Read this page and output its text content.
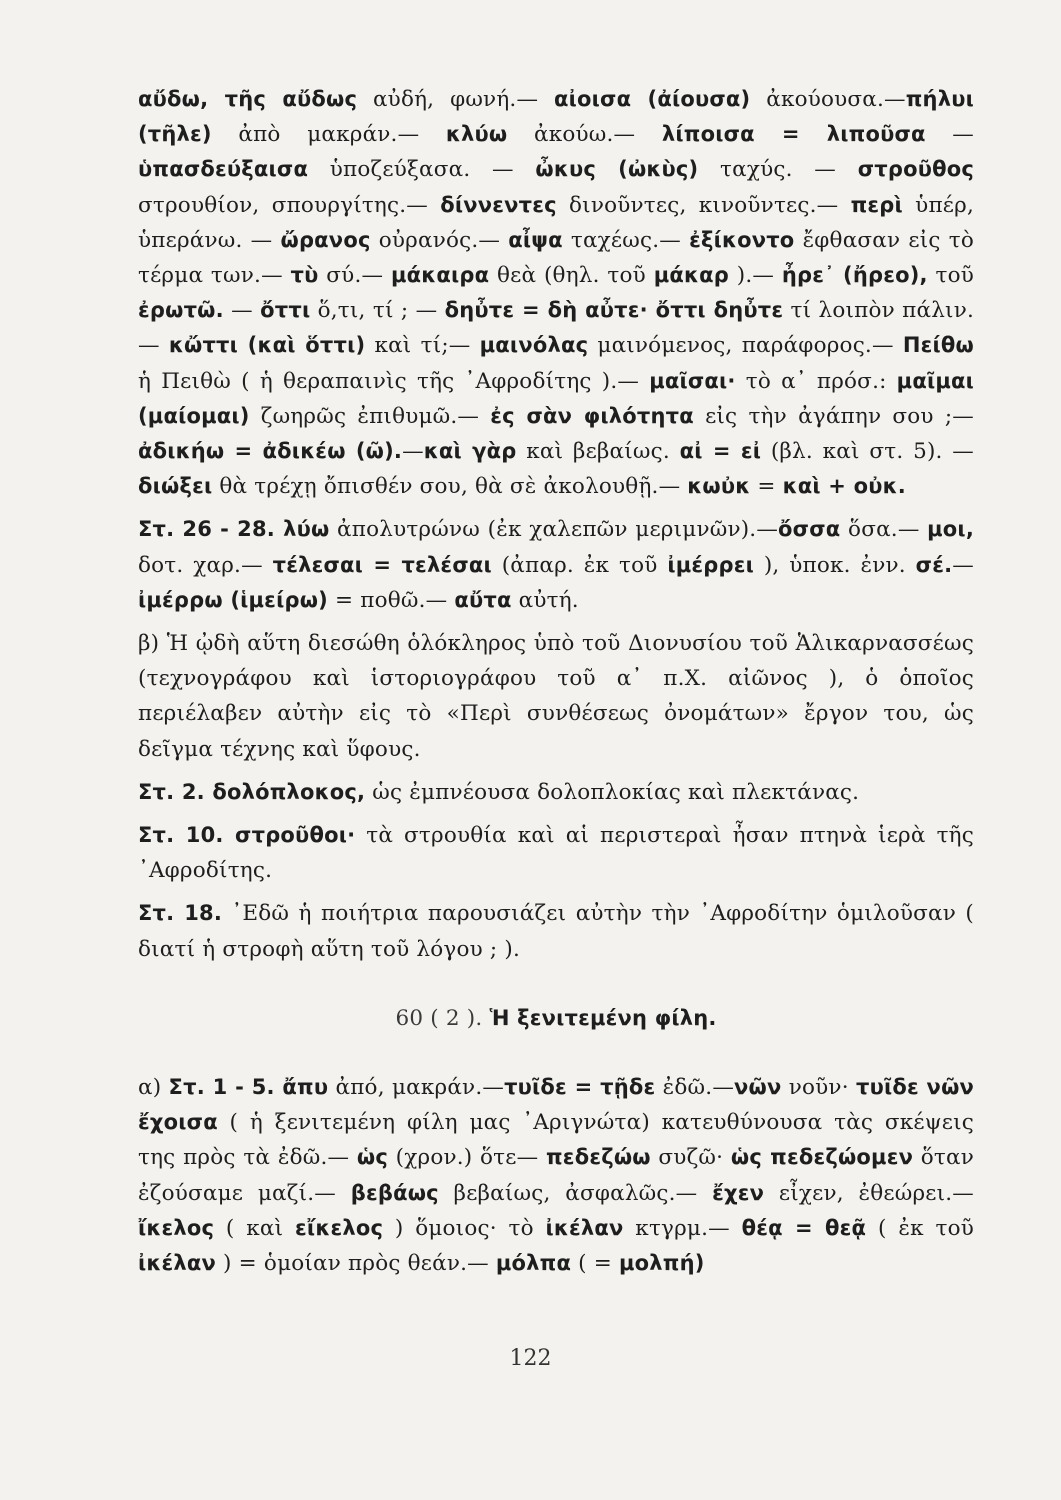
αὔδω, τῆς αὔδως αὐδή, φωνή.— αἰοισα (ἀίουσα) ἀκούουσα.—πήλυι (τῆλε) ἀπὸ μακράν.— κλύω ἀκούω.— λίποισα = λιποῦσα — ὑπασδεύξαισα ὑποζεύξασα. — ὦκυς (ὠκὺς) ταχύς. — στροῦθος στρουθίον, σπουργίτης.— δίννεντες δινοῦντες, κινοῦντες.— περὶ ὑπέρ, ὑπεράνω. — ὤρανος οὐρανός.— αἶψα ταχέως.— ἐξίκοντο ἔφθασαν εἰς τὸ τέρμα των.— τὺ σύ.— μάκαιρα θεὰ (θηλ. τοῦ μάκαρ ).— ἦρε᾽ (ἤρεο), τοῦ ἐρωτῶ. — ὄττι ὅ,τι, τί ; — δηὖτε = δὴ αὖτε· ὄττι δηὖτε τί λοιπὸν πάλιν.— κὤττι (καὶ ὅττι) καὶ τί;— μαινόλας μαινόμενος, παράφορος.— Πείθω ἡ Πειθὼ ( ἡ θεραπαινὶς τῆς ᾿Αφροδίτης ).— μαῖσαι· τὸ α᾽ πρόσ.: μαῖμαι (μαίομαι) ζωηρῶς ἐπιθυμῶ.— ἐς σὰν φιλότητα εἰς τὴν ἀγάπην σου ;— ἀδικήω = ἀδικέω (ῶ).—καὶ γὰρ καὶ βεβαίως. αἰ = εἰ (βλ. καὶ στ. 5). — διώξει θὰ τρέχῃ ὄπισθέν σου, θὰ σὲ ἀκολουθῇ.— κωὐκ = καὶ + οὐκ.

Στ. 26 - 28. λύω ἀπολυτρώνω (ἐκ χαλεπῶν μεριμνῶν).—ὄσσα ὅσα.— μοι, δοτ. χαρ.— τέλεσαι = τελέσαι (ἀπαρ. ἐκ τοῦ ἰμέρρει ), ὑποκ. ἐνν. σέ.— ἰμέρρω (ἱμείρω) = ποθῶ.— αὔτα αὐτή.

β) Ἡ ᾠδὴ αὕτη διεσώθη ὁλόκληρος ὑπὸ τοῦ Διονυσίου τοῦ Ἁλικαρνασσέως (τεχνογράφου καὶ ἱστοριογράφου τοῦ α᾽ π.Χ. αἰῶνος ), ὁ ὁποῖος περιέλαβεν αὐτὴν εἰς τὸ «Περὶ συνθέσεως ὀνομάτων» ἔργον του, ὡς δεῖγμα τέχνης καὶ ὕφους.

Στ. 2. δολόπλοκος, ὡς ἐμπνέουσα δολοπλοκίας καὶ πλεκτάνας.

Στ. 10. στροῦθοι· τὰ στρουθία καὶ αἱ περιστεραὶ ἦσαν πτηνὰ ἱερὰ τῆς ᾿Αφροδίτης.

Στ. 18. ᾿Εδῶ ἡ ποιήτρια παρουσιάζει αὐτὴν τὴν ᾿Αφροδίτην ὁμιλοῦσαν ( διατί ἡ στροφὴ αὕτη τοῦ λόγου ; ).

60 ( 2 ). Ἡ ξενιτεμένη φίλη.

α) Στ. 1 - 5. ἄπυ ἀπό, μακράν.—τυῖδε = τῇδε ἐδῶ.—νῶν νοῦν· τυῖδε νῶν ἔχοισα ( ἡ ξενιτεμένη φίλη μας ᾿Αριγνώτα) κατευθύνουσα τὰς σκέψεις της πρὸς τὰ ἐδῶ.— ὡς (χρον.) ὅτε— πεδεζώω συζῶ· ὡς πεδεζώομεν ὅταν ἐζούσαμε μαζί.— βεβάως βεβαίως, ἀσφαλῶς.— ἔχεν εἶχεν, ἐθεώρει.— ἴκελος ( καὶ εἴκελος ) ὅμοιος· τὸ ἰκέλαν κτγρμ.— θέᾳ = θεᾷ ( ἐκ τοῦ ἰκέλαν ) = ὁμοίαν πρὸς θεάν.— μόλπα ( = μολπή)

122
